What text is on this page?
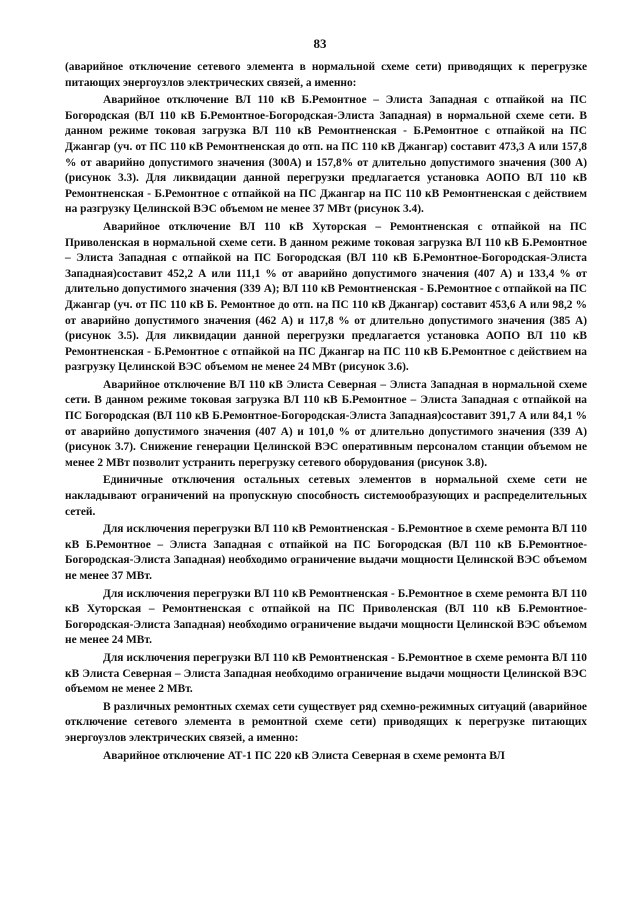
83

(аварийное отключение сетевого элемента в нормальной схеме сети) приводящих к перегрузке питающих энергоузлов электрических связей, а именно:

Аварийное отключение ВЛ 110 кВ Б.Ремонтное – Элиста Западная с отпайкой на ПС Богородская (ВЛ 110 кВ Б.Ремонтное-Богородская-Элиста Западная) в нормальной схеме сети. В данном режиме токовая загрузка ВЛ 110 кВ Ремонтненская - Б.Ремонтное с отпайкой на ПС Джангар (уч. от ПС 110 кВ Ремонтненская до отп. на ПС 110 кВ Джангар) составит 473,3 А или 157,8 % от аварийно допустимого значения (300А) и 157,8% от длительно допустимого значения (300 А) (рисунок 3.3). Для ликвидации данной перегрузки предлагается установка АОПО ВЛ 110 кВ Ремонтненская - Б.Ремонтное с отпайкой на ПС Джангар на ПС 110 кВ Ремонтненская с действием на разгрузку Целинской ВЭС объемом не менее 37 МВт (рисунок 3.4).

Аварийное отключение ВЛ 110 кВ Хуторская – Ремонтненская с отпайкой на ПС Приволенская в нормальной схеме сети. В данном режиме токовая загрузка ВЛ 110 кВ Б.Ремонтное – Элиста Западная с отпайкой на ПС Богородская (ВЛ 110 кВ Б.Ремонтное-Богородская-Элиста Западная)составит 452,2 А или 111,1 % от аварийно допустимого значения (407 А) и 133,4 % от длительно допустимого значения (339 А); ВЛ 110 кВ Ремонтненская - Б.Ремонтное с отпайкой на ПС Джангар (уч. от ПС 110 кВ Б. Ремонтное до отп. на ПС 110 кВ Джангар) составит 453,6 А или 98,2 % от аварийно допустимого значения (462 А) и 117,8 % от длительно допустимого значения (385 А) (рисунок 3.5). Для ликвидации данной перегрузки предлагается установка АОПО ВЛ 110 кВ Ремонтненская - Б.Ремонтное с отпайкой на ПС Джангар на ПС 110 кВ Б.Ремонтное с действием на разгрузку Целинской ВЭС объемом не менее 24 МВт (рисунок 3.6).

Аварийное отключение ВЛ 110 кВ Элиста Северная – Элиста Западная в нормальной схеме сети. В данном режиме токовая загрузка ВЛ 110 кВ Б.Ремонтное – Элиста Западная с отпайкой на ПС Богородская (ВЛ 110 кВ Б.Ремонтное-Богородская-Элиста Западная)составит 391,7 А или 84,1 % от аварийно допустимого значения (407 А) и 101,0 % от длительно допустимого значения (339 А) (рисунок 3.7). Снижение генерации Целинской ВЭС оперативным персоналом станции объемом не менее 2 МВт позволит устранить перегрузку сетевого оборудования (рисунок 3.8).

Единичные отключения остальных сетевых элементов в нормальной схеме сети не накладывают ограничений на пропускную способность системообразующих и распределительных сетей.

Для исключения перегрузки ВЛ 110 кВ Ремонтненская - Б.Ремонтное в схеме ремонта ВЛ 110 кВ Б.Ремонтное – Элиста Западная с отпайкой на ПС Богородская (ВЛ 110 кВ Б.Ремонтное-Богородская-Элиста Западная) необходимо ограничение выдачи мощности Целинской ВЭС объемом не менее 37 МВт.

Для исключения перегрузки ВЛ 110 кВ Ремонтненская - Б.Ремонтное в схеме ремонта ВЛ 110 кВ Хуторская – Ремонтненская с отпайкой на ПС Приволенская (ВЛ 110 кВ Б.Ремонтное-Богородская-Элиста Западная) необходимо ограничение выдачи мощности Целинской ВЭС объемом не менее 24 МВт.

Для исключения перегрузки ВЛ 110 кВ Ремонтненская - Б.Ремонтное в схеме ремонта ВЛ 110 кВ Элиста Северная – Элиста Западная необходимо ограничение выдачи мощности Целинской ВЭС объемом не менее 2 МВт.

В различных ремонтных схемах сети существует ряд схемно-режимных ситуаций (аварийное отключение сетевого элемента в ремонтной схеме сети) приводящих к перегрузке питающих энергоузлов электрических связей, а именно:

Аварийное отключение АТ-1 ПС 220 кВ Элиста Северная в схеме ремонта ВЛ
